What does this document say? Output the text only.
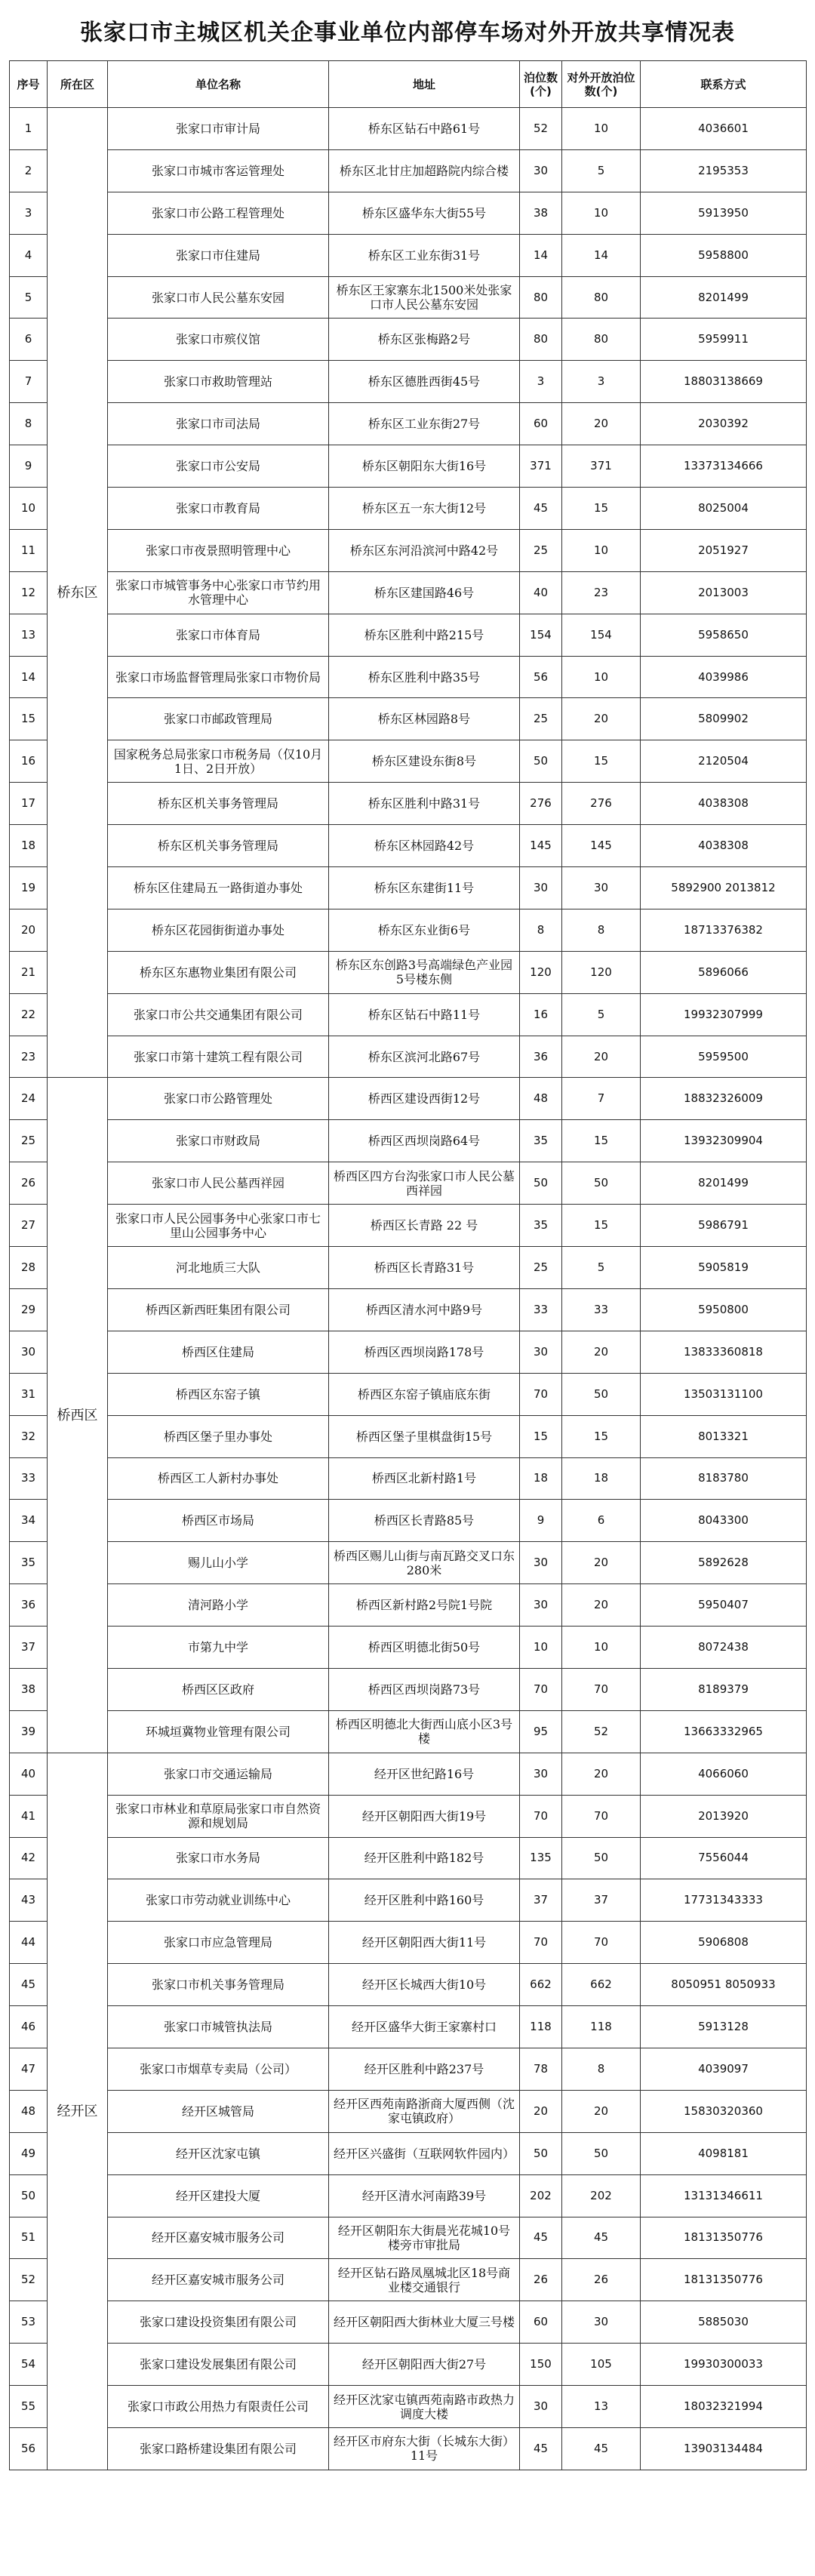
张家口市主城区机关企事业单位内部停车场对外开放共享情况表
序号	所在区	单位名称	地址	泊位数(个)	对外开放泊位数(个)	联系方式
1	桥东区	张家口市审计局	桥东区钻石中路61号	52	10	4036601
2		张家口市城市客运管理处	桥东区北甘庄加超路院内综合楼	30	5	2195353
3		张家口市公路工程管理处	桥东区盛华东大街55号	38	10	5913950
4		张家口市住建局	桥东区工业东街31号	14	14	5958800
5		张家口市人民公墓东安园	桥东区王家寨东北1500米处张家口市人民公墓东安园	80	80	8201499
6		张家口市殡仪馆	桥东区张梅路2号	80	80	5959911
7		张家口市救助管理站	桥东区德胜西街45号	3	3	18803138669
8		张家口市司法局	桥东区工业东街27号	60	20	2030392
9		张家口市公安局	桥东区朝阳东大街16号	371	371	13373134666
10		张家口市教育局	桥东区五一东大街12号	45	15	8025004
11		张家口市夜景照明管理中心	桥东区东河沿滨河中路42号	25	10	2051927
12		张家口市城管事务中心张家口市节约用水管理中心	桥东区建国路46号	40	23	2013003
13		张家口市体育局	桥东区胜利中路215号	154	154	5958650
14		张家口市场监督管理局张家口市物价局	桥东区胜利中路35号	56	10	4039986
15		张家口市邮政管理局	桥东区林园路8号	25	20	5809902
16		国家税务总局张家口市税务局（仅10月1日、2日开放）	桥东区建设东街8号	50	15	2120504
17		桥东区机关事务管理局	桥东区胜利中路31号	276	276	4038308
18		桥东区机关事务管理局	桥东区林园路42号	145	145	4038308
19		桥东区住建局五一路街道办事处	桥东区东建街11号	30	30	5892900 2013812
20		桥东区花园街街道办事处	桥东区东业街6号	8	8	18713376382
21		桥东区东惠物业集团有限公司	桥东区东创路3号高端绿色产业园5号楼东侧	120	120	5896066
22		张家口市公共交通集团有限公司	桥东区钻石中路11号	16	5	19932307999
23		张家口市第十建筑工程有限公司	桥东区滨河北路67号	36	20	5959500
24	桥西区	张家口市公路管理处	桥西区建设西街12号	48	7	18832326009
25		张家口市财政局	桥西区西坝岗路64号	35	15	13932309904
26		张家口市人民公墓西祥园	桥西区四方台沟张家口市人民公墓西祥园	50	50	8201499
27		张家口市人民公园事务中心张家口市七里山公园事务中心	桥西区长青路 22 号	35	15	5986791
28		河北地质三大队	桥西区长青路31号	25	5	5905819
29		桥西区新西旺集团有限公司	桥西区清水河中路9号	33	33	5950800
30		桥西区住建局	桥西区西坝岗路178号	30	20	13833360818
31		桥西区东窑子镇	桥西区东窑子镇庙底东街	70	50	13503131100
32		桥西区堡子里办事处	桥西区堡子里棋盘街15号	15	15	8013321
33		桥西区工人新村办事处	桥西区北新村路1号	18	18	8183780
34		桥西区市场局	桥西区长青路85号	9	6	8043300
35		赐儿山小学	桥西区赐儿山街与南瓦路交叉口东280米	30	20	5892628
36		清河路小学	桥西区新村路2号院1号院	30	20	5950407
37		市第九中学	桥西区明德北街50号	10	10	8072438
38		桥西区区政府	桥西区西坝岗路73号	70	70	8189379
39		环城垣冀物业管理有限公司	桥西区明德北大街西山底小区3号楼	95	52	13663332965
40	经开区	张家口市交通运输局	经开区世纪路16号	30	20	4066060
41		张家口市林业和草原局张家口市自然资源和规划局	经开区朝阳西大街19号	70	70	2013920
42		张家口市水务局	经开区胜利中路182号	135	50	7556044
43		张家口市劳动就业训练中心	经开区胜利中路160号	37	37	17731343333
44		张家口市应急管理局	经开区朝阳西大街11号	70	70	5906808
45		张家口市机关事务管理局	经开区长城西大街10号	662	662	8050951 8050933
46		张家口市城管执法局	经开区盛华大街王家寨村口	118	118	5913128
47		张家口市烟草专卖局（公司）	经开区胜利中路237号	78	8	4039097
48		经开区城管局	经开区西苑南路浙商大厦西侧（沈家屯镇政府）	20	20	15830320360
49		经开区沈家屯镇	经开区兴盛街（互联网软件园内）	50	50	4098181
50		经开区建投大厦	经开区清水河南路39号	202	202	13131346611
51		经开区嘉安城市服务公司	经开区朝阳东大街晨光花城10号楼旁市审批局	45	45	18131350776
52		经开区嘉安城市服务公司	经开区钻石路凤凰城北区18号商业楼交通银行	26	26	18131350776
53		张家口建设投资集团有限公司	经开区朝阳西大街林业大厦三号楼	60	30	5885030
54		张家口建设发展集团有限公司	经开区朝阳西大街27号	150	105	19930300033
55		张家口市政公用热力有限责任公司	经开区沈家屯镇西苑南路市政热力调度大楼	30	13	18032321994
56		张家口路桥建设集团有限公司	经开区市府东大街（长城东大街）11号	45	45	13903134484
